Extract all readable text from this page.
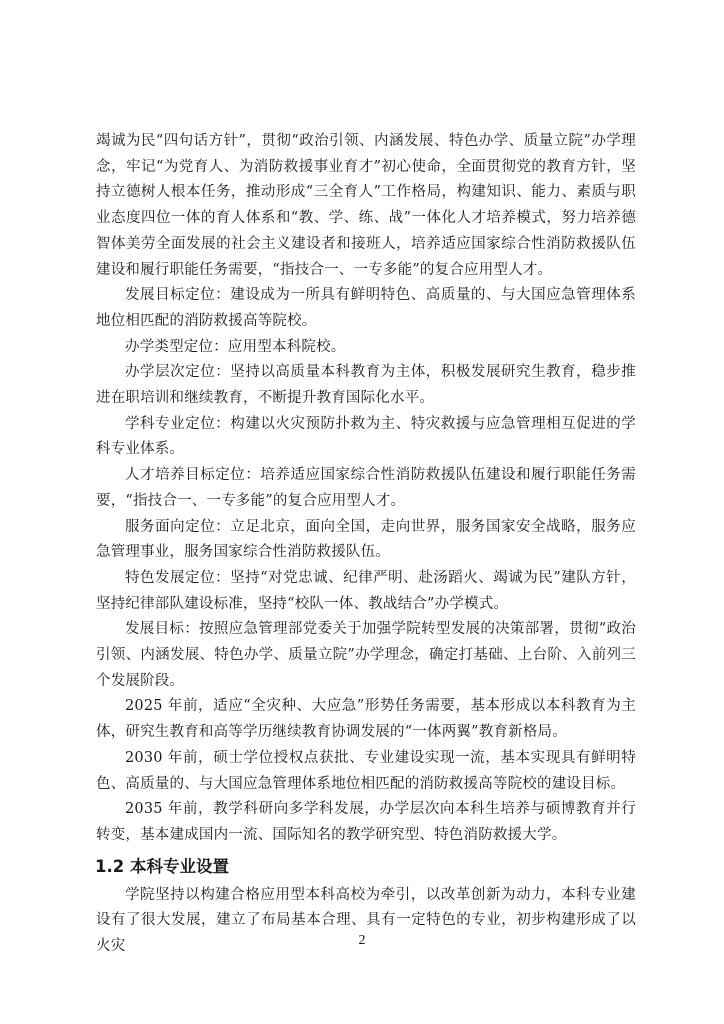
竭诚为民“四句话方针”，贯彻“政治引领、内涵发展、特色办学、质量立院”办学理念，牢记“为党育人、为消防救援事业育才”初心使命，全面贯彻党的教育方针，坚持立德树人根本任务，推动形成“三全育人”工作格局，构建知识、能力、素质与职业态度四位一体的育人体系和“教、学、练、战”一体化人才培养模式，努力培养德智体美劳全面发展的社会主义建设者和接班人，培养适应国家综合性消防救援队伍建设和履行职能任务需要，“指技合一、一专多能”的复合应用型人才。

发展目标定位：建设成为一所具有鲜明特色、高质量的、与大国应急管理体系地位相匹配的消防救援高等院校。

办学类型定位：应用型本科院校。

办学层次定位：坚持以高质量本科教育为主体，积极发展研究生教育，稳步推进在职培训和继续教育，不断提升教育国际化水平。

学科专业定位：构建以火灾预防扑救为主、特灾救援与应急管理相互促进的学科专业体系。

人才培养目标定位：培养适应国家综合性消防救援队伍建设和履行职能任务需要，“指技合一、一专多能”的复合应用型人才。

服务面向定位：立足北京，面向全国，走向世界，服务国家安全战略，服务应急管理事业，服务国家综合性消防救援队伍。

特色发展定位：坚持“对党忠诚、纪律严明、赴汤蹈火、竭诚为民”建队方针，坚持纪律部队建设标准，坚持“校队一体、教战结合”办学模式。

发展目标：按照应急管理部党委关于加强学院转型发展的决策部署，贯彻“政治引领、内涵发展、特色办学、质量立院”办学理念，确定打基础、上台阶、入前列三个发展阶段。

2025 年前，适应“全灾种、大应急”形势任务需要，基本形成以本科教育为主体，研究生教育和高等学历继续教育协调发展的“一体两翼”教育新格局。

2030 年前，硕士学位授权点获批、专业建设实现一流，基本实现具有鲜明特色、高质量的、与大国应急管理体系地位相匹配的消防救援高等院校的建设目标。

2035 年前，教学科研向多学科发展，办学层次向本科生培养与硕博教育并行转变，基本建成国内一流、国际知名的教学研究型、特色消防救援大学。

1.2 本科专业设置

学院坚持以构建合格应用型本科高校为牵引，以改革创新为动力，本科专业建设有了很大发展，建立了布局基本合理、具有一定特色的专业，初步构建形成了以火灾	2
